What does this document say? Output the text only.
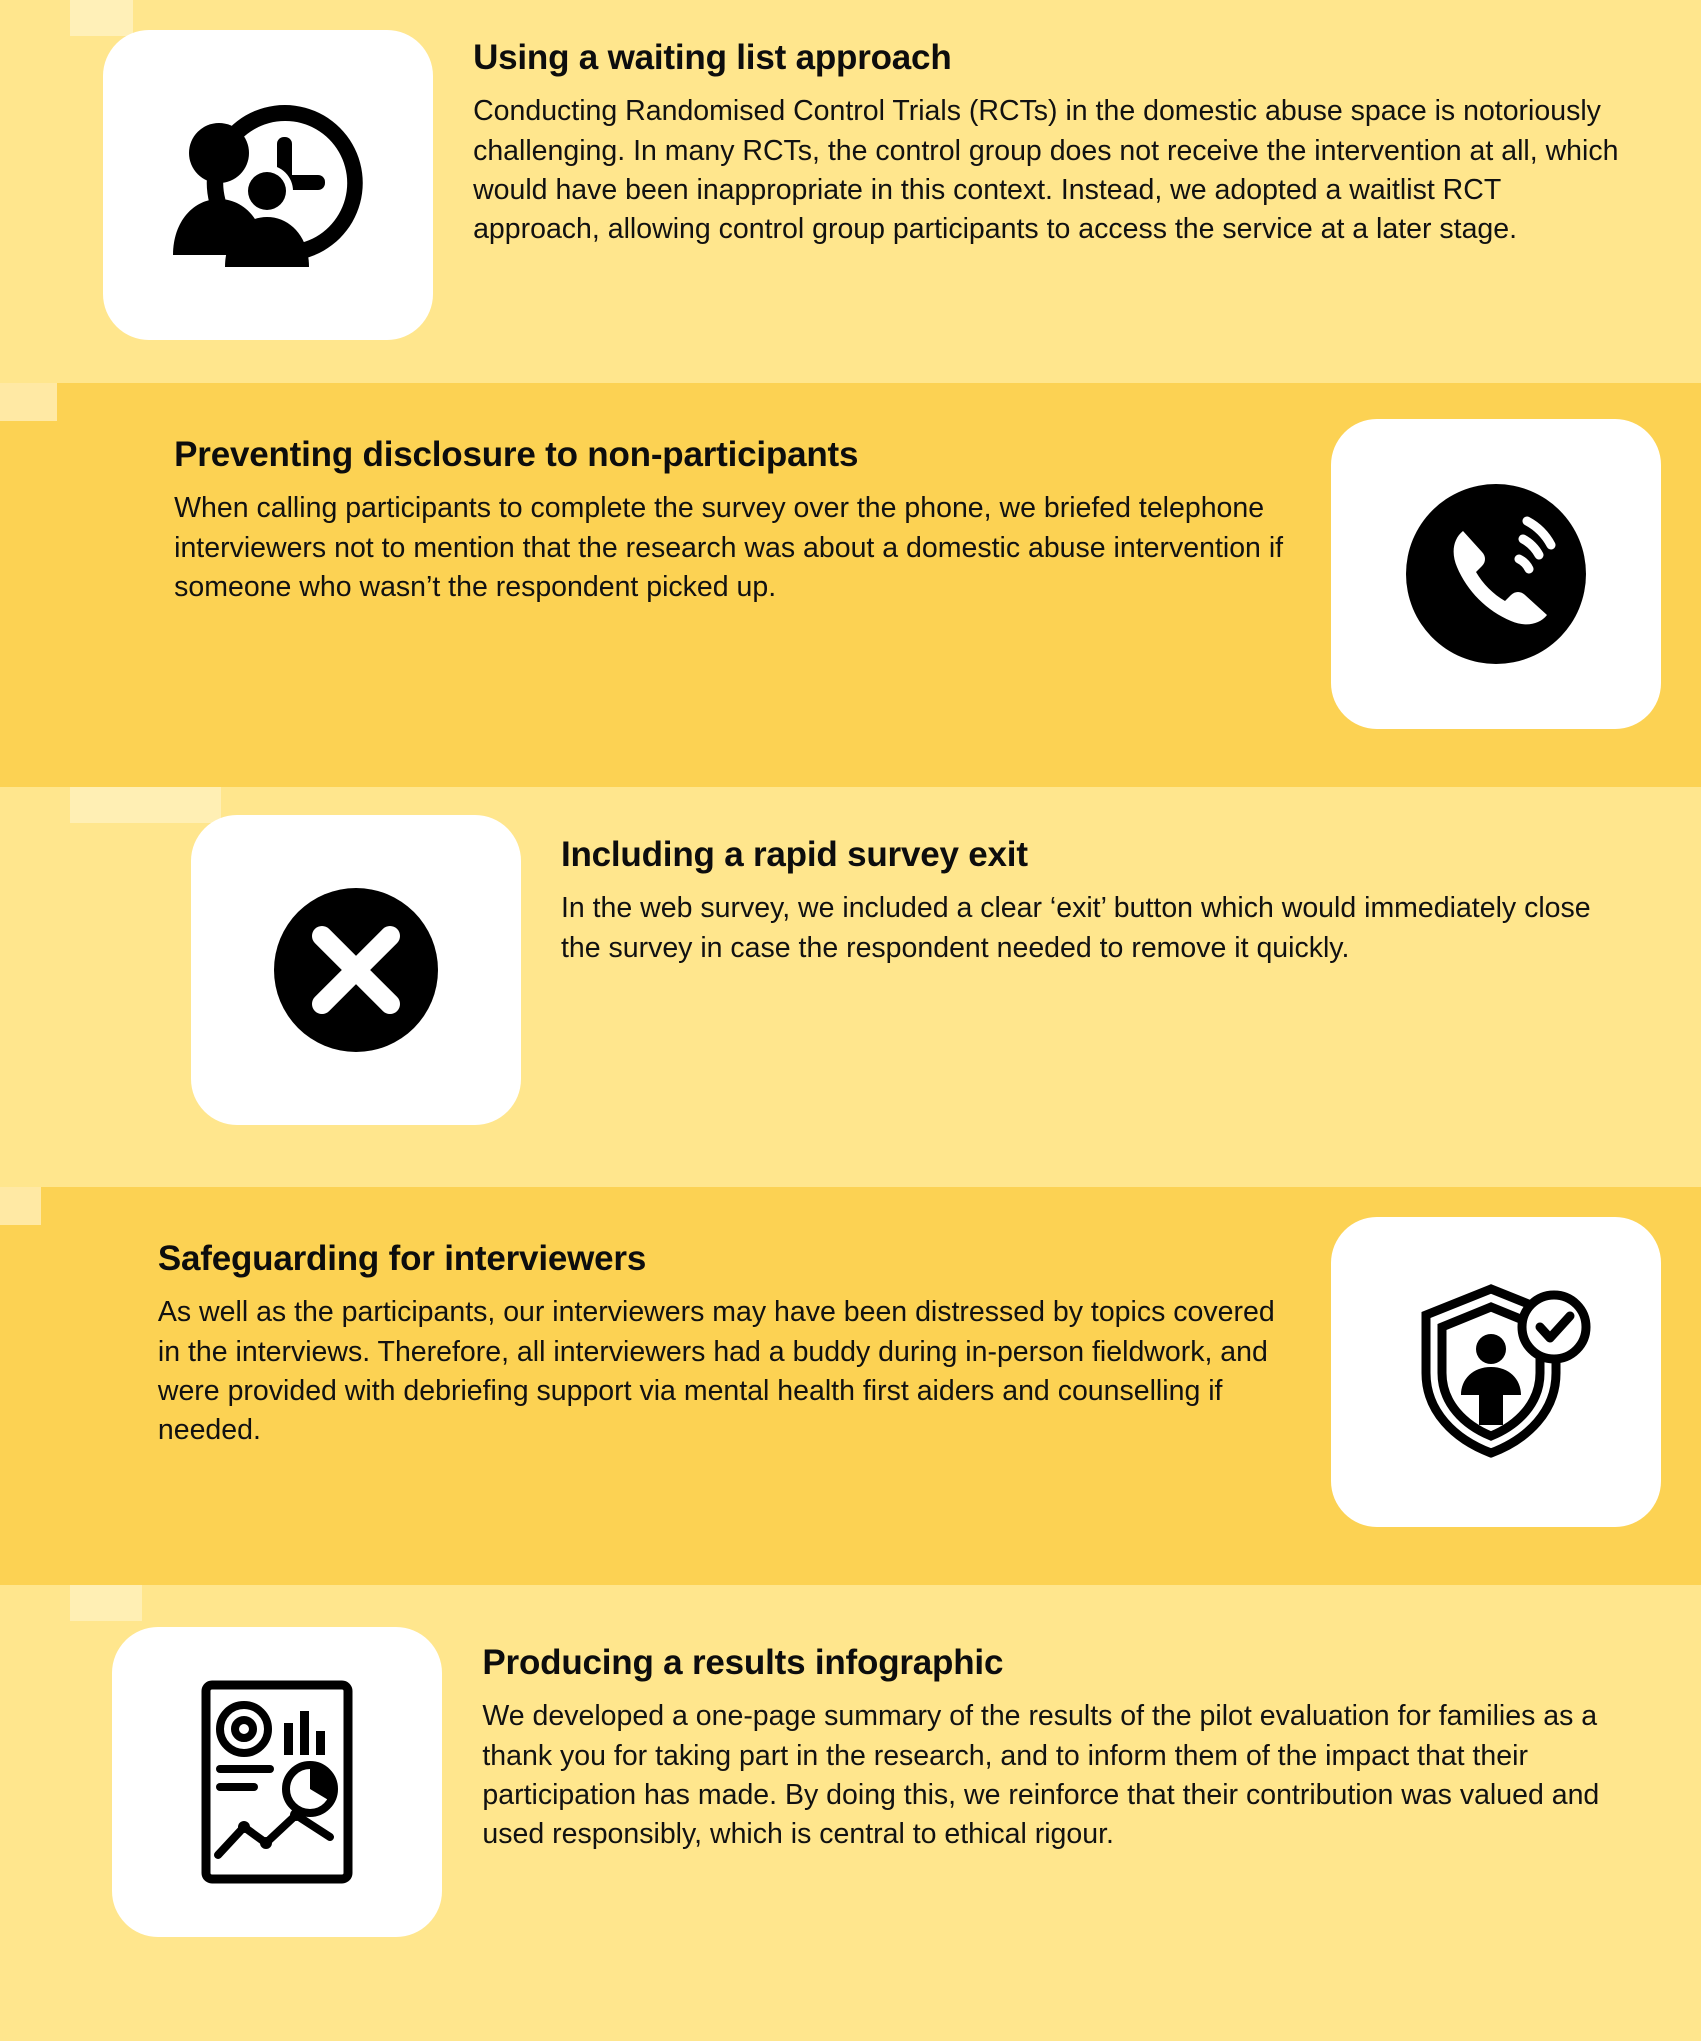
Using a waiting list approach

Conducting Randomised Control Trials (RCTs) in the domestic abuse space is notoriously challenging. In many RCTs, the control group does not receive the intervention at all, which would have been inappropriate in this context. Instead, we adopted a waitlist RCT approach, allowing control group participants to access the service at a later stage.

Preventing disclosure to non-participants

When calling participants to complete the survey over the phone, we briefed telephone interviewers not to mention that the research was about a domestic abuse intervention if someone who wasn’t the respondent picked up.

Including a rapid survey exit

In the web survey, we included a clear ‘exit’ button which would immediately close the survey in case the respondent needed to remove it quickly.

Safeguarding for interviewers

As well as the participants, our interviewers may have been distressed by topics covered in the interviews. Therefore, all interviewers had a buddy during in-person fieldwork, and were provided with debriefing support via mental health first aiders and counselling if needed.

Producing a results infographic

We developed a one-page summary of the results of the pilot evaluation for families as a thank you for taking part in the research, and to inform them of the impact that their participation has made. By doing this, we reinforce that their contribution was valued and used responsibly, which is central to ethical rigour.
